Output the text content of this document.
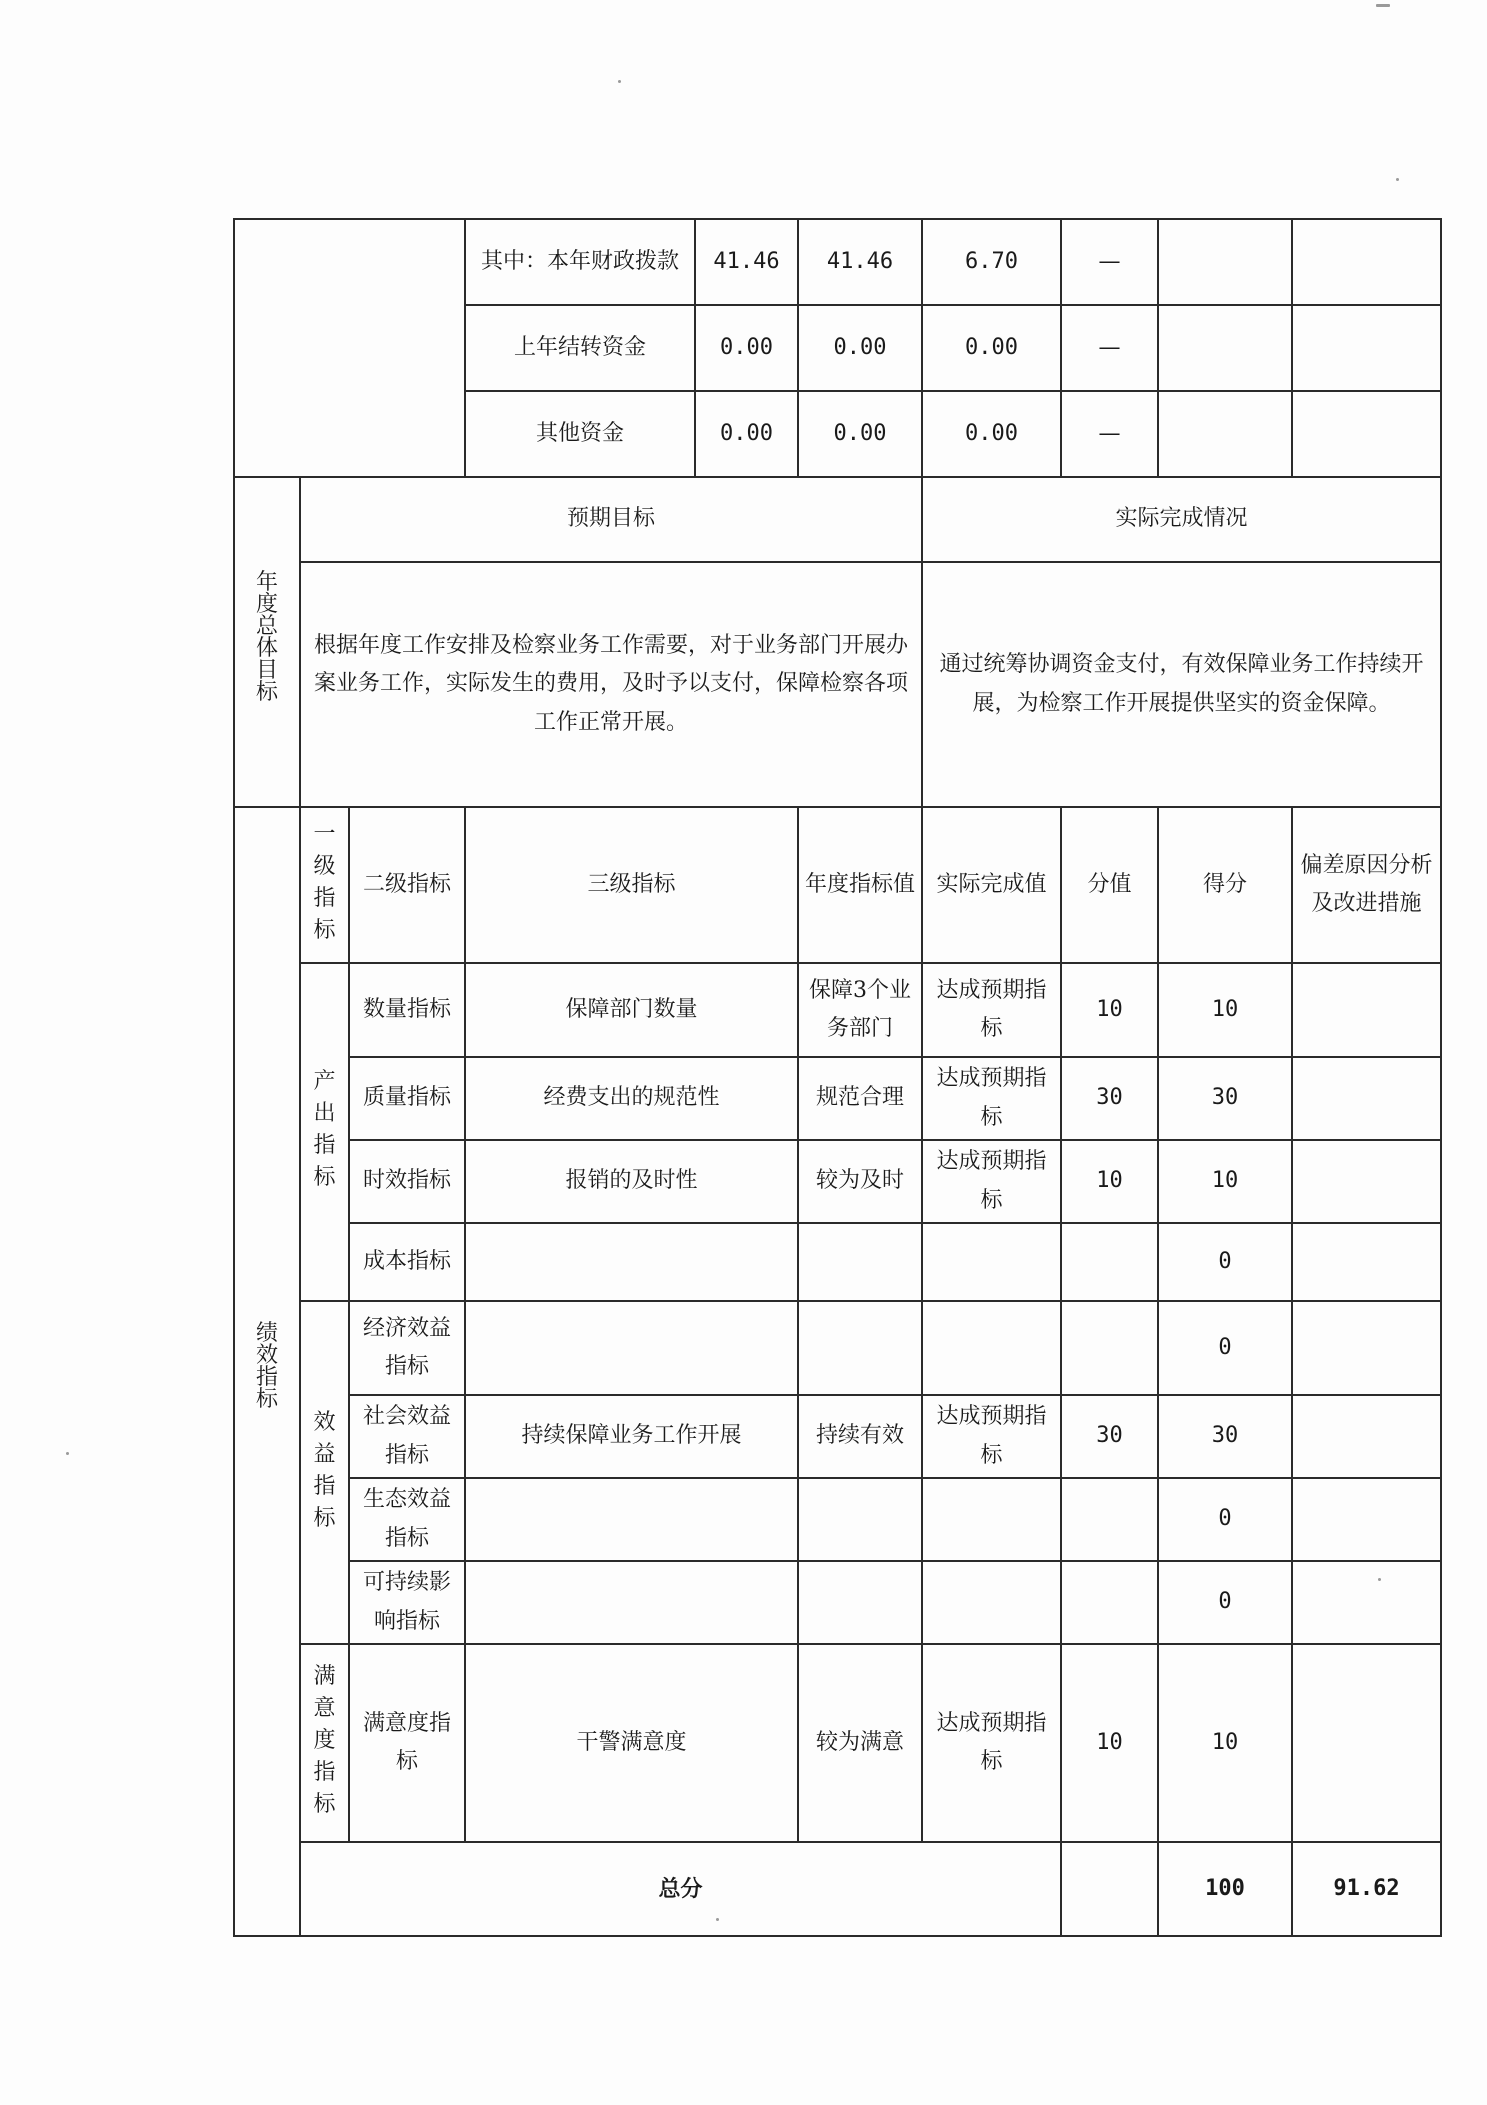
			其中：本年财政拨款	41.46	41.46	6.70	—			
			上年结转资金	0.00	0.00	0.00	—			
			其他资金	0.00	0.00	0.00	—			
年度总体目标	预期目标					实际完成情况				
	根据年度工作安排及检察业务工作需要，对于业务部门开展办案业务工作，实际发生的费用，及时予以支付，保障检察各项工作正常开展。					通过统筹协调资金支付，有效保障业务工作持续开展，为检察工作开展提供坚实的资金保障。				
绩效指标	一级指标	二级指标	三级指标		年度指标值	实际完成值	分值	得分	偏差原因分析及改进措施	
	产出指标	数量指标	保障部门数量		保障3个业务部门	达成预期指标	10	10		
		质量指标	经费支出的规范性		规范合理	达成预期指标	30	30		
		时效指标	报销的及时性		较为及时	达成预期指标	10	10		
		成本指标						0		
	效益指标	经济效益指标						0		
		社会效益指标	持续保障业务工作开展		持续有效	达成预期指标	30	30		
		生态效益指标						0		
		可持续影响指标						0		
	满意度指标	满意度指标	干警满意度		较为满意	达成预期指标	10	10		
	总分							100	91.62	
